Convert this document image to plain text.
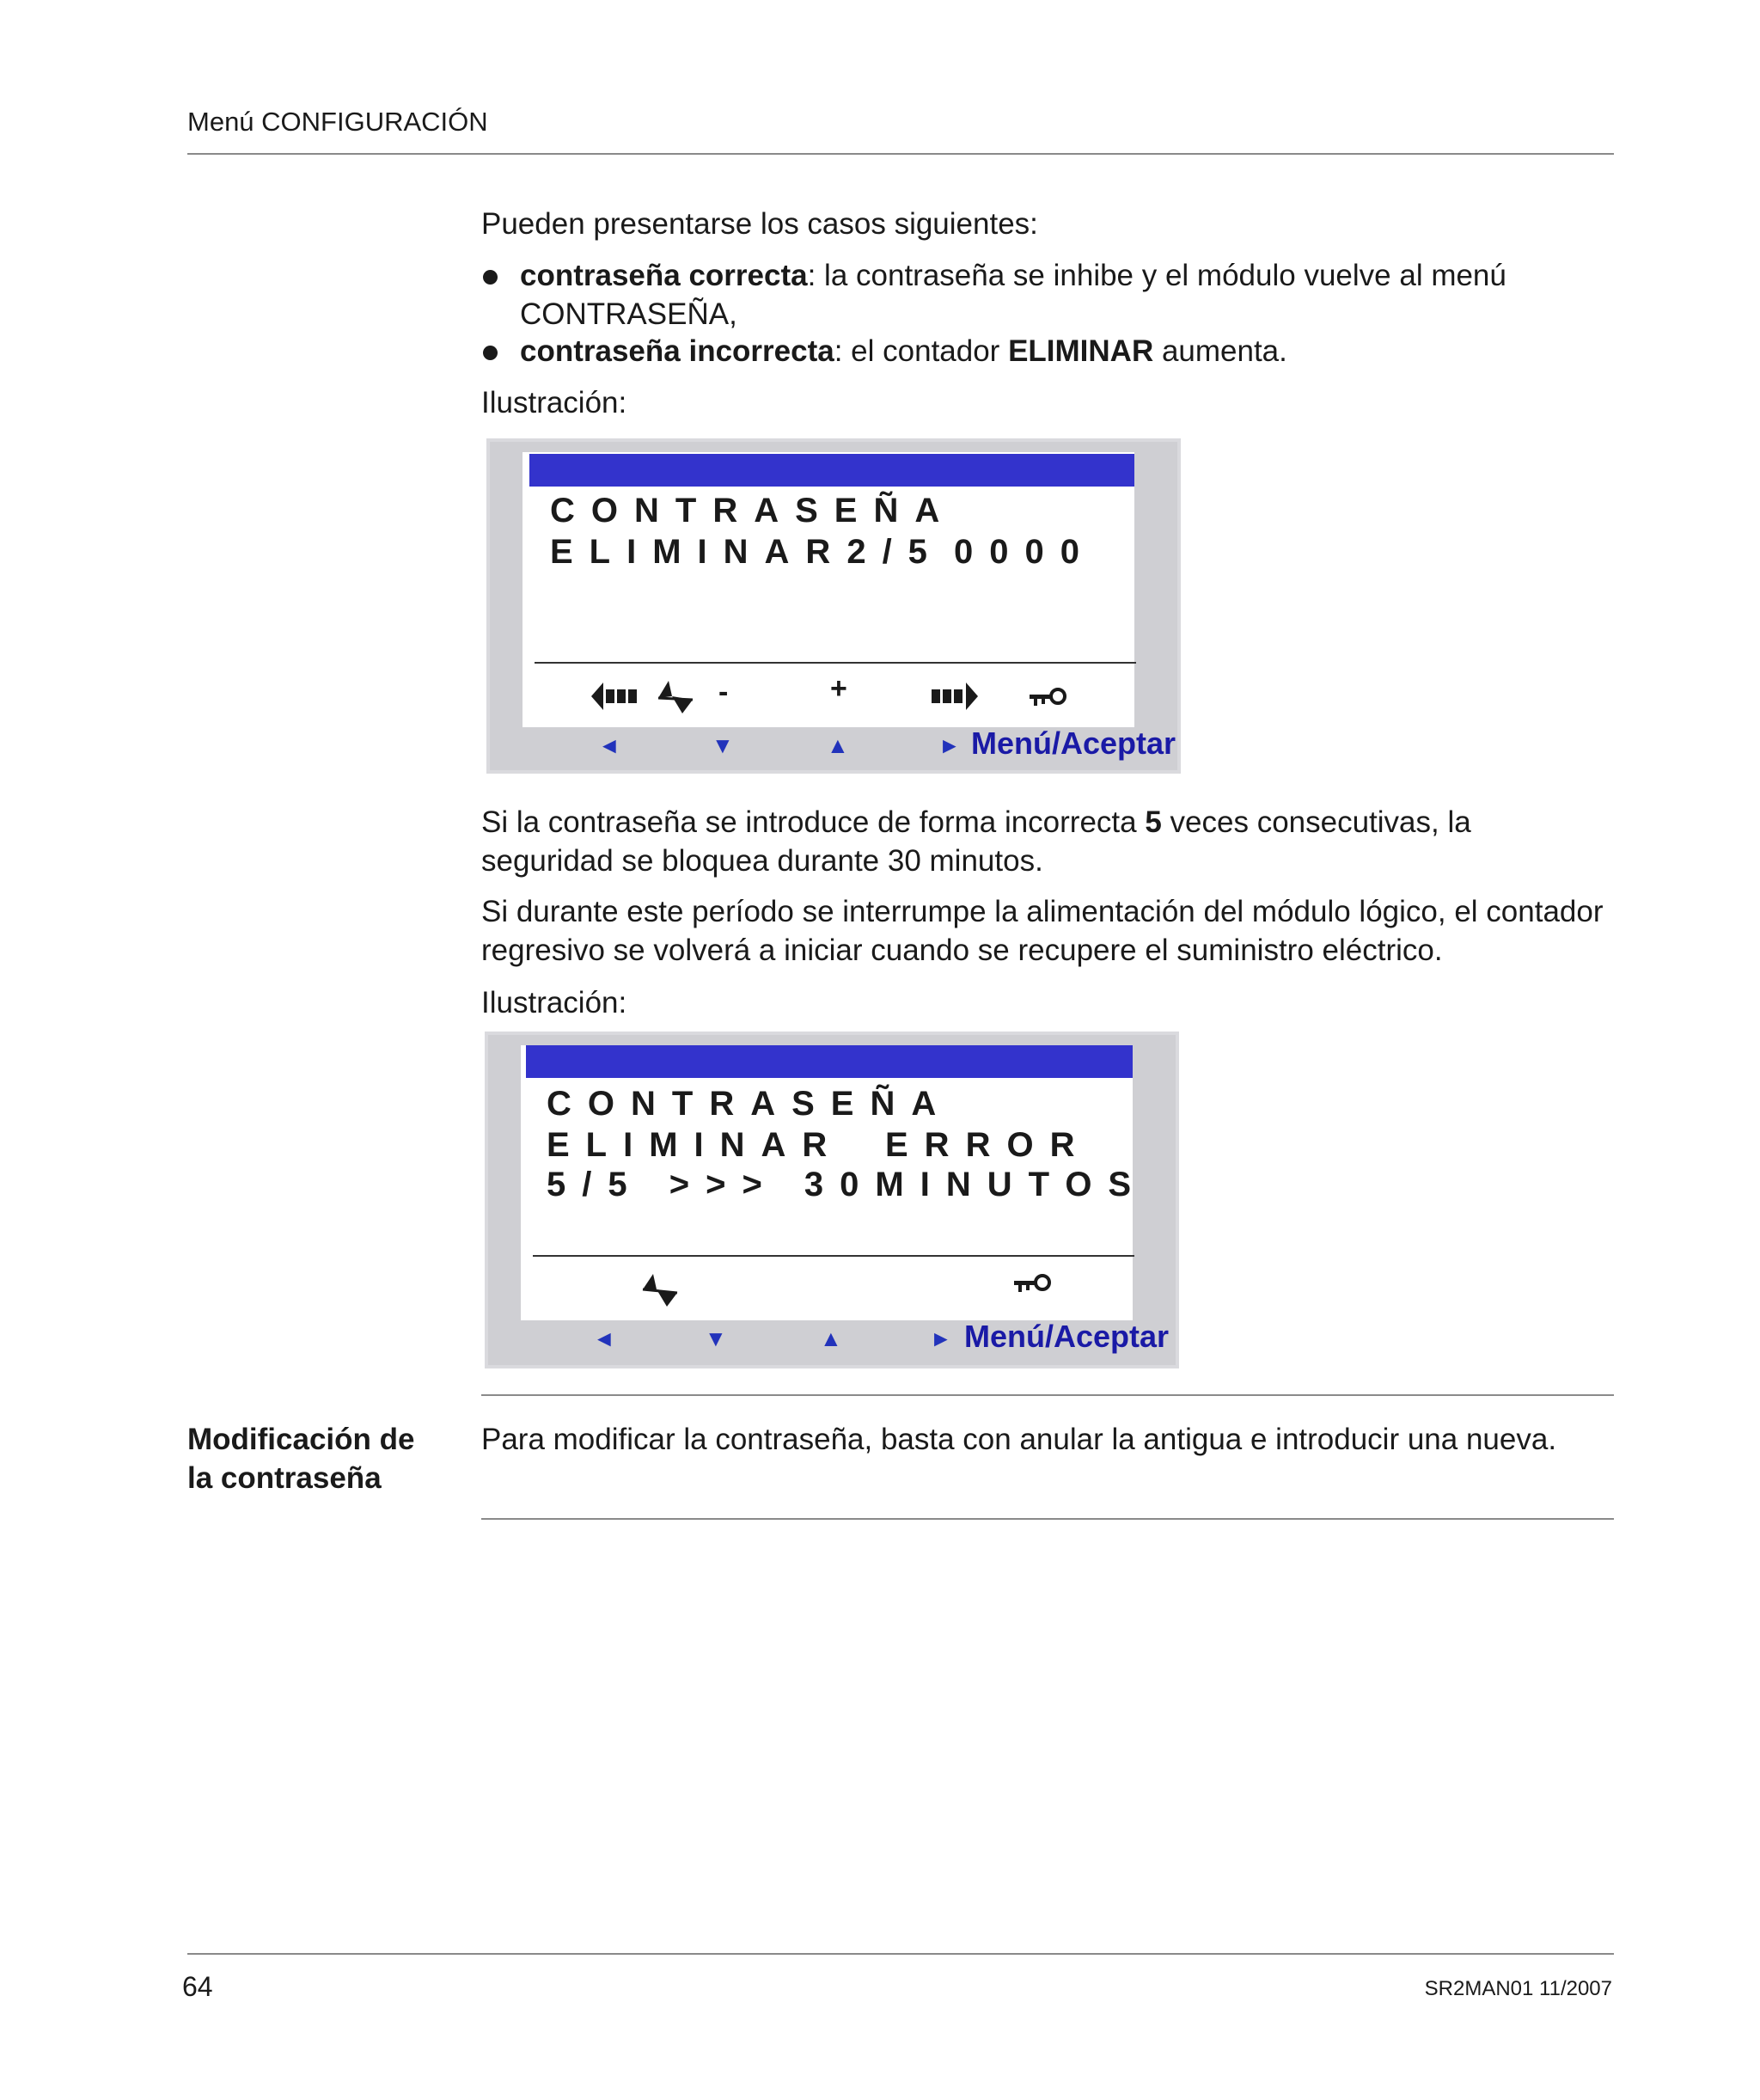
Menú CONFIGURACIÓN
Pueden presentarse los casos siguientes:
contraseña correcta: la contraseña se inhibe y el módulo vuelve al menú
CONTRASEÑA,
contraseña incorrecta: el contador ELIMINAR aumenta.
Ilustración:
CONTRASEÑA
ELIMINAR2/5 0000
-	+
◄	▼	▲	► Menú/Aceptar
Si la contraseña se introduce de forma incorrecta 5 veces consecutivas, la
seguridad se bloquea durante 30 minutos.
Si durante este período se interrumpe la alimentación del módulo lógico, el contador
regresivo se volverá a iniciar cuando se recupere el suministro eléctrico.
Ilustración:
CONTRASEÑA
ELIMINAR ERROR
5/5 >>> 30MINUTOS
◄	▼	▲	► Menú/Aceptar
Modificación de
la contraseña
Para modificar la contraseña, basta con anular la antigua e introducir una nueva.
64	SR2MAN01 11/2007
